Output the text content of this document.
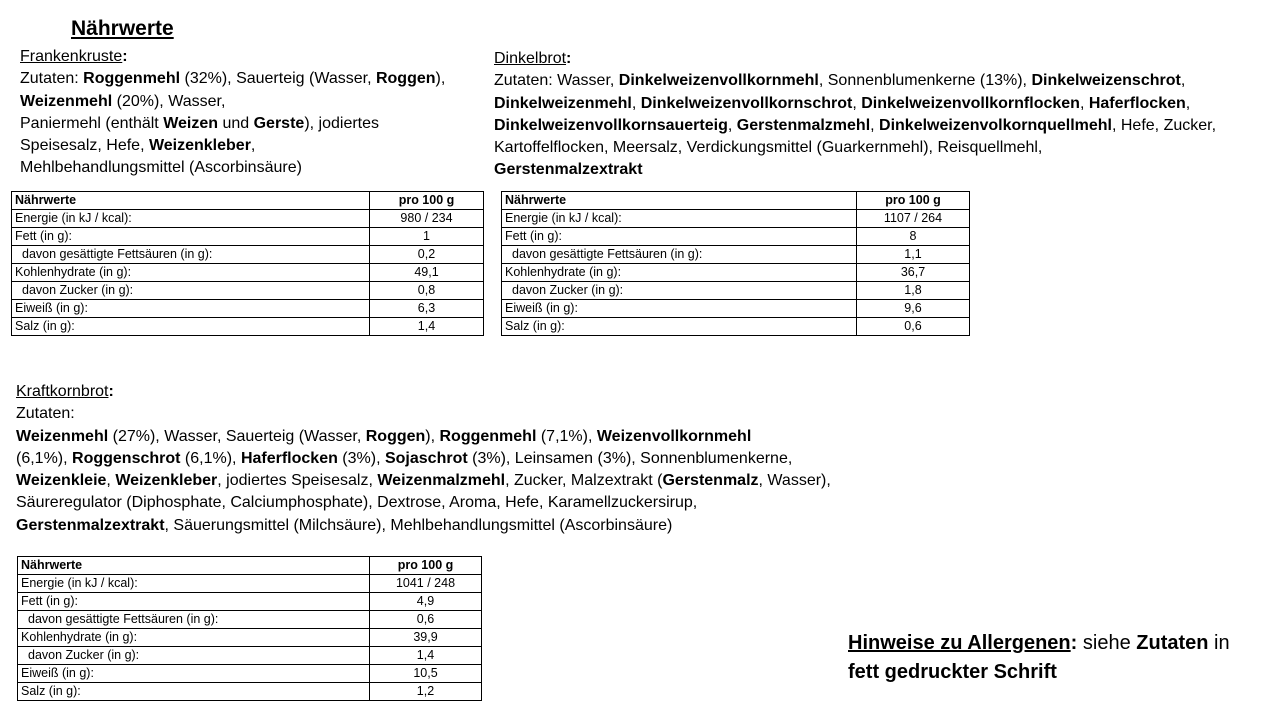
Nährwerte
Frankenkruste:
Zutaten: Roggenmehl (32%), Sauerteig (Wasser, Roggen),
Weizenmehl (20%), Wasser,
Paniermehl (enthält Weizen und Gerste), jodiertes
Speisesalz, Hefe, Weizenkleber,
Mehlbehandlungsmittel (Ascorbinsäure)
Nährwerte	pro 100 g
Energie (in kJ / kcal):	980 / 234
Fett (in g):	1
davon gesättigte Fettsäuren (in g):	0,2
Kohlenhydrate (in g):	49,1
davon Zucker (in g):	0,8
Eiweiß (in g):	6,3
Salz (in g):	1,4
Dinkelbrot:
Zutaten: Wasser, Dinkelweizenvollkornmehl, Sonnenblumenkerne (13%), Dinkelweizenschrot,
Dinkelweizenmehl, Dinkelweizenvollkornschrot, Dinkelweizenvollkornflocken, Haferflocken,
Dinkelweizenvollkornsauerteig, Gerstenmalzmehl, Dinkelweizenvolkornquellmehl, Hefe, Zucker,
Kartoffelflocken, Meersalz, Verdickungsmittel (Guarkernmehl), Reisquellmehl,
Gerstenmalzextrakt
Nährwerte	pro 100 g
Energie (in kJ / kcal):	1107 / 264
Fett (in g):	8
davon gesättigte Fettsäuren (in g):	1,1
Kohlenhydrate (in g):	36,7
davon Zucker (in g):	1,8
Eiweiß (in g):	9,6
Salz (in g):	0,6
Kraftkornbrot:
Zutaten:
Weizenmehl (27%), Wasser, Sauerteig (Wasser, Roggen), Roggenmehl (7,1%), Weizenvollkornmehl
(6,1%), Roggenschrot (6,1%), Haferflocken (3%), Sojaschrot (3%), Leinsamen (3%), Sonnenblumenkerne,
Weizenkleie, Weizenkleber, jodiertes Speisesalz, Weizenmalzmehl, Zucker, Malzextrakt (Gerstenmalz, Wasser),
Säureregulator (Diphosphate, Calciumphosphate), Dextrose, Aroma, Hefe, Karamellzuckersirup,
Gerstenmalzextrakt, Säuerungsmittel (Milchsäure), Mehlbehandlungsmittel (Ascorbinsäure)
Nährwerte	pro 100 g
Energie (in kJ / kcal):	1041 / 248
Fett (in g):	4,9
davon gesättigte Fettsäuren (in g):	0,6
Kohlenhydrate (in g):	39,9
davon Zucker (in g):	1,4
Eiweiß (in g):	10,5
Salz (in g):	1,2
Hinweise zu Allergenen: siehe Zutaten in
fett gedruckter Schrift
